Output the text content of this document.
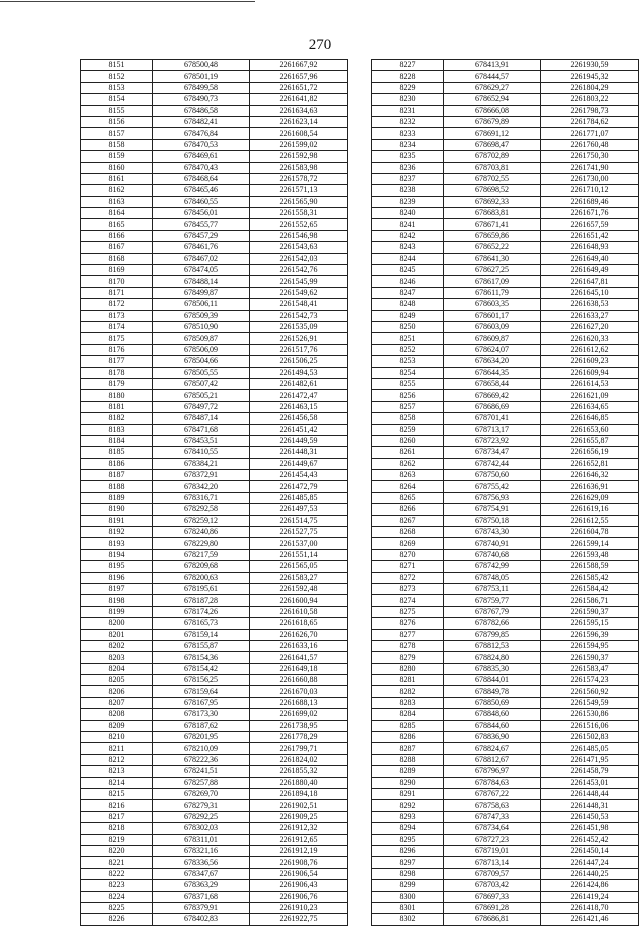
270
8151	678500,48	2261667,92
8152	678501,19	2261657,96
8153	678499,58	2261651,72
8154	678490,73	2261641,82
8155	678486,58	2261634,63
8156	678482,41	2261623,14
8157	678476,84	2261608,54
8158	678470,53	2261599,02
8159	678469,61	2261592,98
8160	678470,43	2261583,98
8161	678468,64	2261578,72
8162	678465,46	2261571,13
8163	678460,55	2261565,90
8164	678456,01	2261558,31
8165	678455,77	2261552,65
8166	678457,29	2261546,98
8167	678461,76	2261543,63
8168	678467,02	2261542,03
8169	678474,05	2261542,76
8170	678488,14	2261545,99
8171	678499,87	2261549,62
8172	678506,11	2261548,41
8173	678509,39	2261542,73
8174	678510,90	2261535,09
8175	678509,87	2261526,91
8176	678506,09	2261517,76
8177	678504,66	2261506,25
8178	678505,55	2261494,53
8179	678507,42	2261482,61
8180	678505,21	2261472,47
8181	678497,72	2261463,15
8182	678487,14	2261456,58
8183	678471,68	2261451,42
8184	678453,51	2261449,59
8185	678410,55	2261448,31
8186	678384,21	2261449,67
8187	678372,91	2261454,43
8188	678342,20	2261472,79
8189	678316,71	2261485,85
8190	678292,58	2261497,53
8191	678259,12	2261514,75
8192	678240,86	2261527,75
8193	678229,80	2261537,00
8194	678217,59	2261551,14
8195	678209,68	2261565,05
8196	678200,63	2261583,27
8197	678195,61	2261592,48
8198	678187,28	2261600,94
8199	678174,26	2261610,58
8200	678165,73	2261618,65
8201	678159,14	2261626,70
8202	678155,87	2261633,16
8203	678154,36	2261641,57
8204	678154,42	2261649,18
8205	678156,25	2261660,88
8206	678159,64	2261670,03
8207	678167,95	2261688,13
8208	678173,30	2261699,02
8209	678187,62	2261738,95
8210	678201,95	2261778,29
8211	678210,09	2261799,71
8212	678222,36	2261824,02
8213	678241,51	2261855,32
8214	678257,88	2261880,40
8215	678269,70	2261894,18
8216	678279,31	2261902,51
8217	678292,25	2261909,25
8218	678302,03	2261912,32
8219	678311,01	2261912,65
8220	678321,16	2261912,19
8221	678336,56	2261908,76
8222	678347,67	2261906,54
8223	678363,29	2261906,43
8224	678371,68	2261906,76
8225	678379,91	2261910,23
8226	678402,83	2261922,75
8227	678413,91	2261930,59
8228	678444,57	2261945,32
8229	678629,27	2261804,29
8230	678652,94	2261803,22
8231	678666,08	2261798,73
8232	678679,89	2261784,62
8233	678691,12	2261771,07
8234	678698,47	2261760,48
8235	678702,89	2261750,30
8236	678703,81	2261741,90
8237	678702,55	2261730,00
8238	678698,52	2261710,12
8239	678692,33	2261689,46
8240	678683,81	2261671,76
8241	678671,41	2261657,59
8242	678659,86	2261651,42
8243	678652,22	2261648,93
8244	678641,30	2261649,40
8245	678627,25	2261649,49
8246	678617,09	2261647,81
8247	678611,79	2261645,10
8248	678603,35	2261638,53
8249	678601,17	2261633,27
8250	678603,09	2261627,20
8251	678609,87	2261620,33
8252	678624,07	2261612,62
8253	678634,20	2261609,23
8254	678644,35	2261609,94
8255	678658,44	2261614,53
8256	678669,42	2261621,09
8257	678686,69	2261634,65
8258	678701,41	2261646,85
8259	678713,17	2261653,60
8260	678723,92	2261655,87
8261	678734,47	2261656,19
8262	678742,44	2261652,81
8263	678750,60	2261646,32
8264	678755,42	2261636,91
8265	678756,93	2261629,09
8266	678754,91	2261619,16
8267	678750,18	2261612,55
8268	678743,30	2261604,78
8269	678740,91	2261599,14
8270	678740,68	2261593,48
8271	678742,99	2261588,59
8272	678748,05	2261585,42
8273	678753,11	2261584,42
8274	678759,77	2261586,71
8275	678767,79	2261590,37
8276	678782,66	2261595,15
8277	678799,85	2261596,39
8278	678812,53	2261594,95
8279	678824,80	2261590,37
8280	678835,30	2261583,47
8281	678844,01	2261574,23
8282	678849,78	2261560,92
8283	678850,69	2261549,59
8284	678848,60	2261530,86
8285	678844,60	2261516,06
8286	678836,90	2261502,83
8287	678824,67	2261485,05
8288	678812,67	2261471,95
8289	678796,97	2261458,79
8290	678784,63	2261453,01
8291	678767,22	2261448,44
8292	678758,63	2261448,31
8293	678747,33	2261450,53
8294	678734,64	2261451,98
8295	678727,23	2261452,42
8296	678719,01	2261450,14
8297	678713,14	2261447,24
8298	678709,57	2261440,25
8299	678703,42	2261424,86
8300	678697,33	2261419,24
8301	678691,28	2261418,70
8302	678686,81	2261421,46
